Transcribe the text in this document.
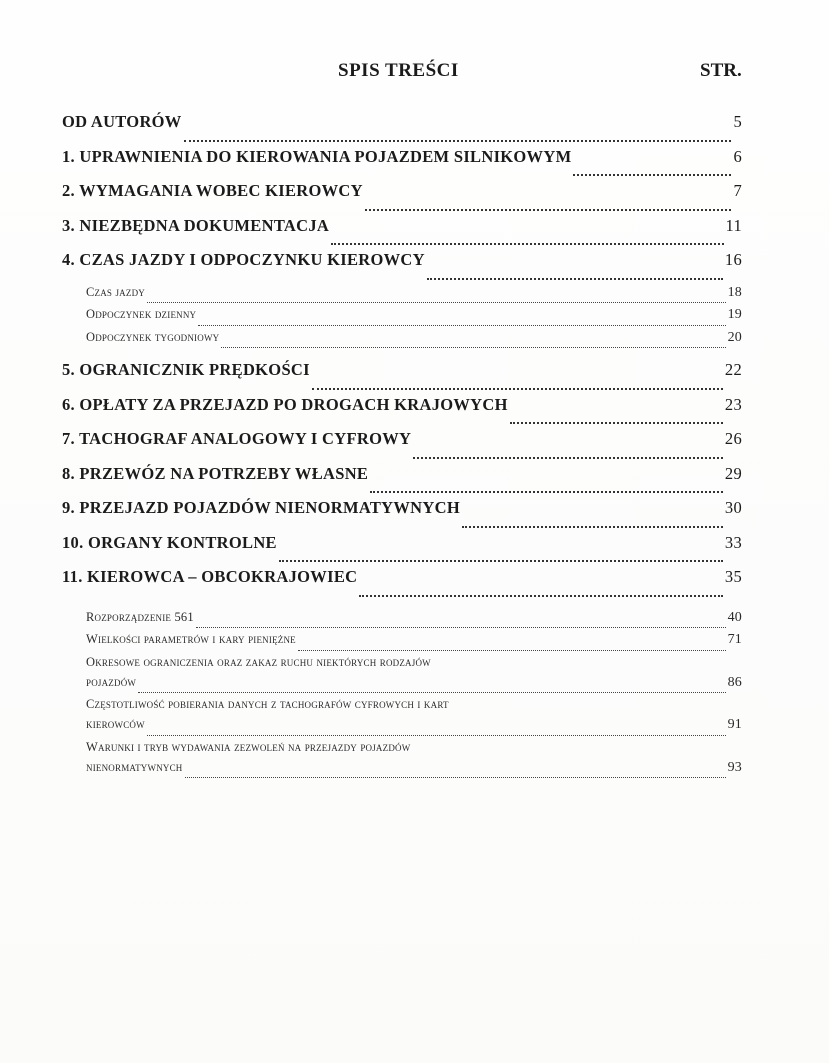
SPIS TREŚCI	STR.
OD AUTORÓW	5
1. UPRAWNIENIA DO KIEROWANIA POJAZDEM SILNIKOWYM	6
2. WYMAGANIA WOBEC KIEROWCY	7
3. NIEZBĘDNA DOKUMENTACJA	11
4. CZAS JAZDY I ODPOCZYNKU KIEROWCY	16
Czas jazdy	18
Odpoczynek dzienny	19
Odpoczynek tygodniowy	20
5. OGRANICZNIK PRĘDKOŚCI	22
6. OPŁATY ZA PRZEJAZD PO DROGACH KRAJOWYCH	23
7. TACHOGRAF ANALOGOWY I CYFROWY	26
8. PRZEWÓZ NA POTRZEBY WŁASNE	29
9. PRZEJAZD POJAZDÓW NIENORMATYWNYCH	30
10. ORGANY KONTROLNE	33
11. KIEROWCA – OBCOKRAJOWIEC	35
Rozporządzenie 561	40
Wielkości parametrów i kary pieniężne	71
Okresowe ograniczenia oraz zakaz ruchu niektórych rodzajów
pojazdów	86
Częstotliwość pobierania danych z tachografów cyfrowych i kart
kierowców	91
Warunki i tryb wydawania zezwoleń na przejazdy pojazdów
nienormatywnych	93
